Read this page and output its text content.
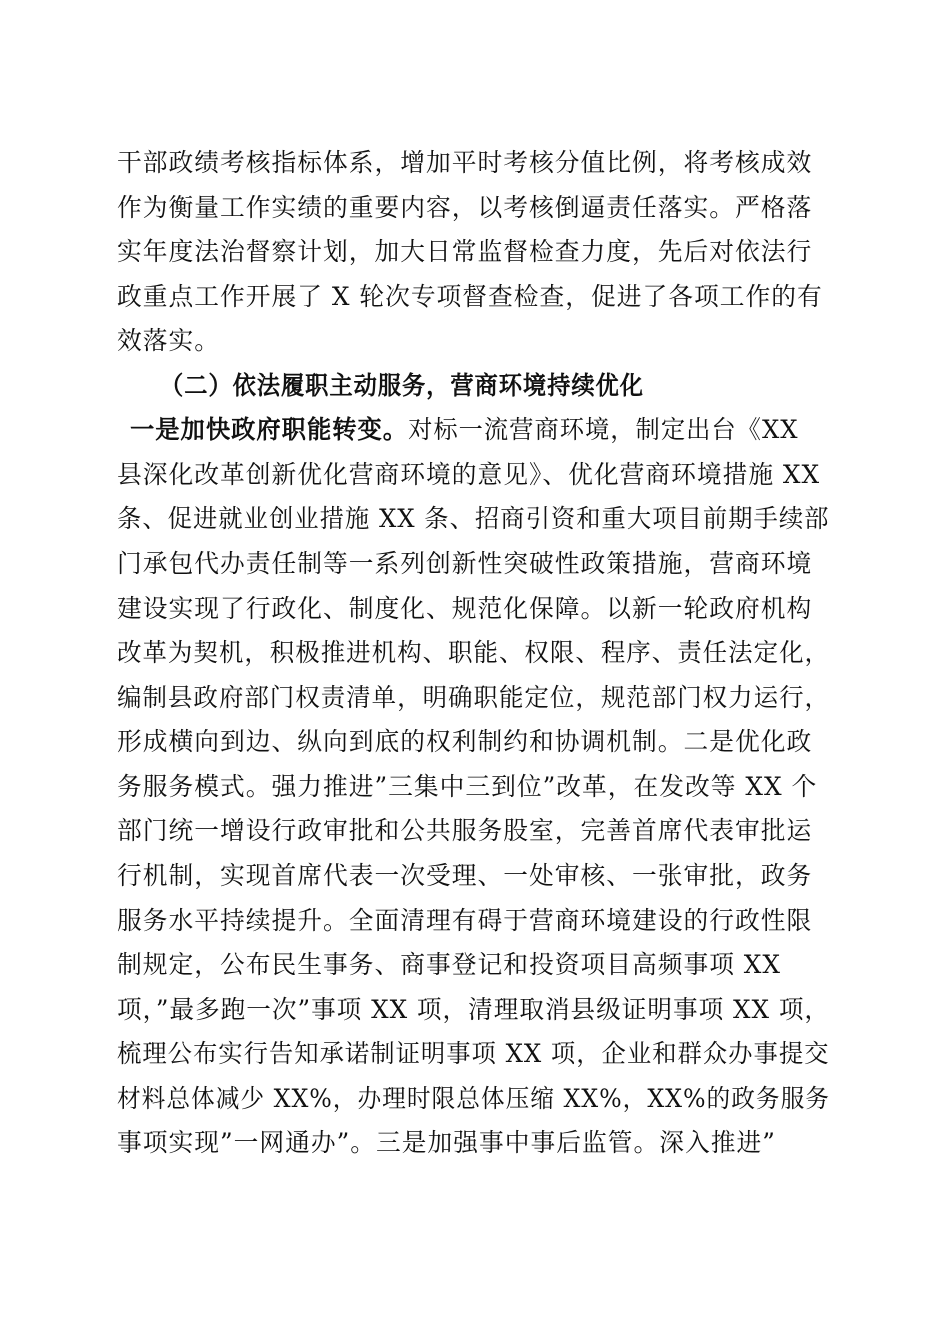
干部政绩考核指标体系，增加平时考核分值比例，将考核成效
作为衡量工作实绩的重要内容，以考核倒逼责任落实。严格落
实年度法治督察计划，加大日常监督检查力度，先后对依法行
政重点工作开展了 X 轮次专项督查检查，促进了各项工作的有
效落实。
（二）依法履职主动服务，营商环境持续优化
一是加快政府职能转变。对标一流营商环境，制定出台《XX
县深化改革创新优化营商环境的意见》、优化营商环境措施 XX
条、促进就业创业措施 XX 条、招商引资和重大项目前期手续部
门承包代办责任制等一系列创新性突破性政策措施，营商环境
建设实现了行政化、制度化、规范化保障。以新一轮政府机构
改革为契机，积极推进机构、职能、权限、程序、责任法定化，
编制县政府部门权责清单，明确职能定位，规范部门权力运行，
形成横向到边、纵向到底的权利制约和协调机制。二是优化政
务服务模式。强力推进”三集中三到位”改革，在发改等 XX 个
部门统一增设行政审批和公共服务股室，完善首席代表审批运
行机制，实现首席代表一次受理、一处审核、一张审批，政务
服务水平持续提升。全面清理有碍于营商环境建设的行政性限
制规定，公布民生事务、商事登记和投资项目高频事项 XX
项，”最多跑一次”事项 XX 项，清理取消县级证明事项 XX 项，
梳理公布实行告知承诺制证明事项 XX 项，企业和群众办事提交
材料总体减少 XX%，办理时限总体压缩 XX%，XX%的政务服务
事项实现”一网通办”。三是加强事中事后监管。深入推进”
